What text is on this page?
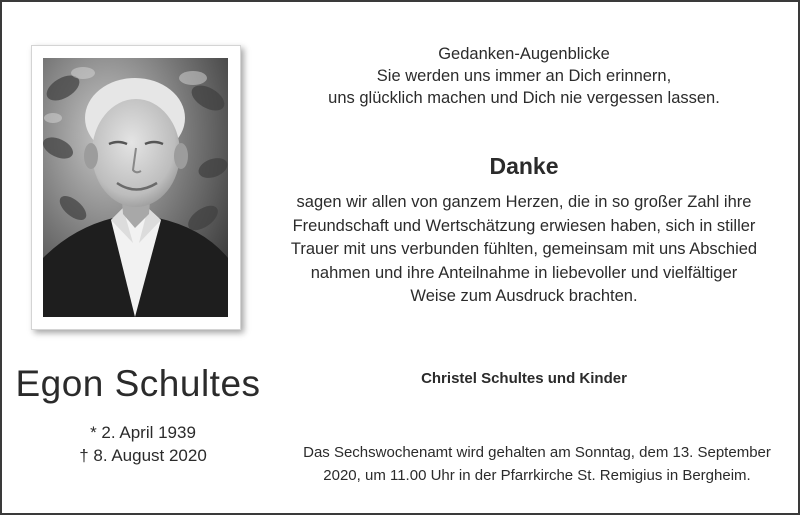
Egon Schultes
* 2. April 1939
† 8. August 2020
Gedanken-Augenblicke
Sie werden uns immer an Dich erinnern,
uns glücklich machen und Dich nie vergessen lassen.
Danke
sagen wir allen von ganzem Herzen, die in so großer Zahl ihre
Freundschaft und Wertschätzung erwiesen haben, sich in stiller
Trauer mit uns verbunden fühlten, gemeinsam mit uns Abschied
nahmen und ihre Anteilnahme in liebevoller und vielfältiger
Weise zum Ausdruck brachten.
Christel Schultes und Kinder
Das Sechswochenamt wird gehalten am Sonntag, dem 13. September
2020, um 11.00 Uhr in der Pfarrkirche St. Remigius in Bergheim.
